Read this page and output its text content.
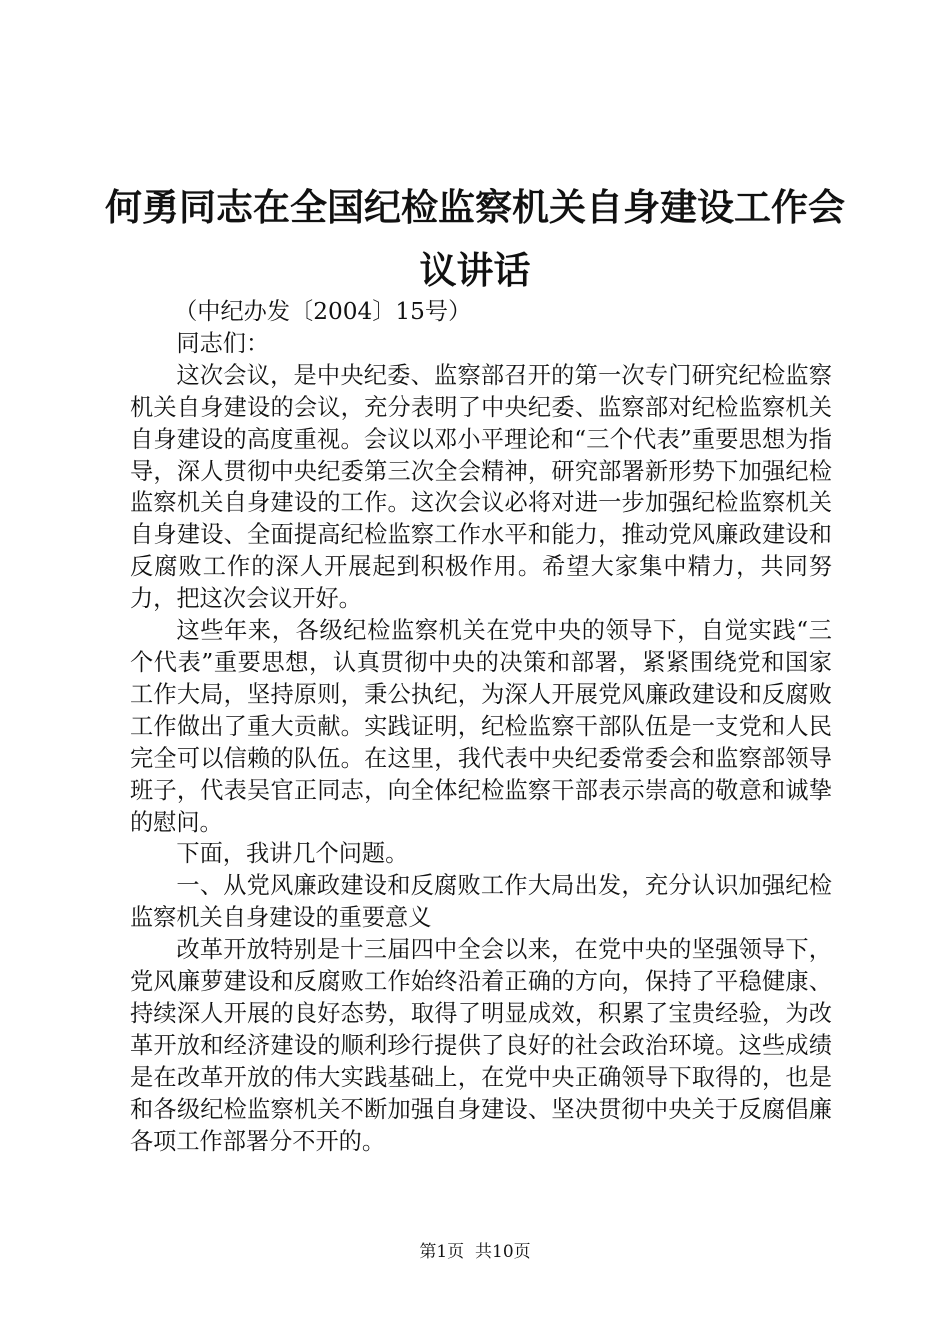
何勇同志在全国纪检监察机关自身建设工作会
议讲话

（中纪办发〔2004〕15号）

同志们：

这次会议，是中央纪委、监察部召开的第一次专门研究纪检监察机关自身建设的会议，充分表明了中央纪委、监察部对纪检监察机关自身建设的高度重视。会议以邓小平理论和“三个代表”重要思想为指导，深人贯彻中央纪委第三次全会精神，研究部署新形势下加强纪检监察机关自身建设的工作。这次会议必将对进一步加强纪检监察机关自身建设、全面提高纪检监察工作水平和能力，推动党风廉政建设和反腐败工作的深人开展起到积极作用。希望大家集中精力，共同努力，把这次会议开好。

这些年来，各级纪检监察机关在党中央的领导下，自觉实践“三个代表”重要思想，认真贯彻中央的决策和部署，紧紧围绕党和国家工作大局，坚持原则，秉公执纪，为深人开展党风廉政建设和反腐败工作做出了重大贡献。实践证明，纪检监察干部队伍是一支党和人民完全可以信赖的队伍。在这里，我代表中央纪委常委会和监察部领导班子，代表吴官正同志，向全体纪检监察干部表示崇高的敬意和诚挚的慰问。

下面，我讲几个问题。

一、从党风廉政建设和反腐败工作大局出发，充分认识加强纪检监察机关自身建设的重要意义

改革开放特别是十三届四中全会以来，在党中央的坚强领导下，党风廉萝建设和反腐败工作始终沿着正确的方向，保持了平稳健康、持续深人开展的良好态势，取得了明显成效，积累了宝贵经验，为改革开放和经济建设的顺利珍行提供了良好的社会政治环境。这些成绩是在改革开放的伟大实践基础上，在党中央正确领导下取得的，也是和各级纪检监察机关不断加强自身建设、坚决贯彻中央关于反腐倡廉各项工作部署分不开的。

第1页 共10页
